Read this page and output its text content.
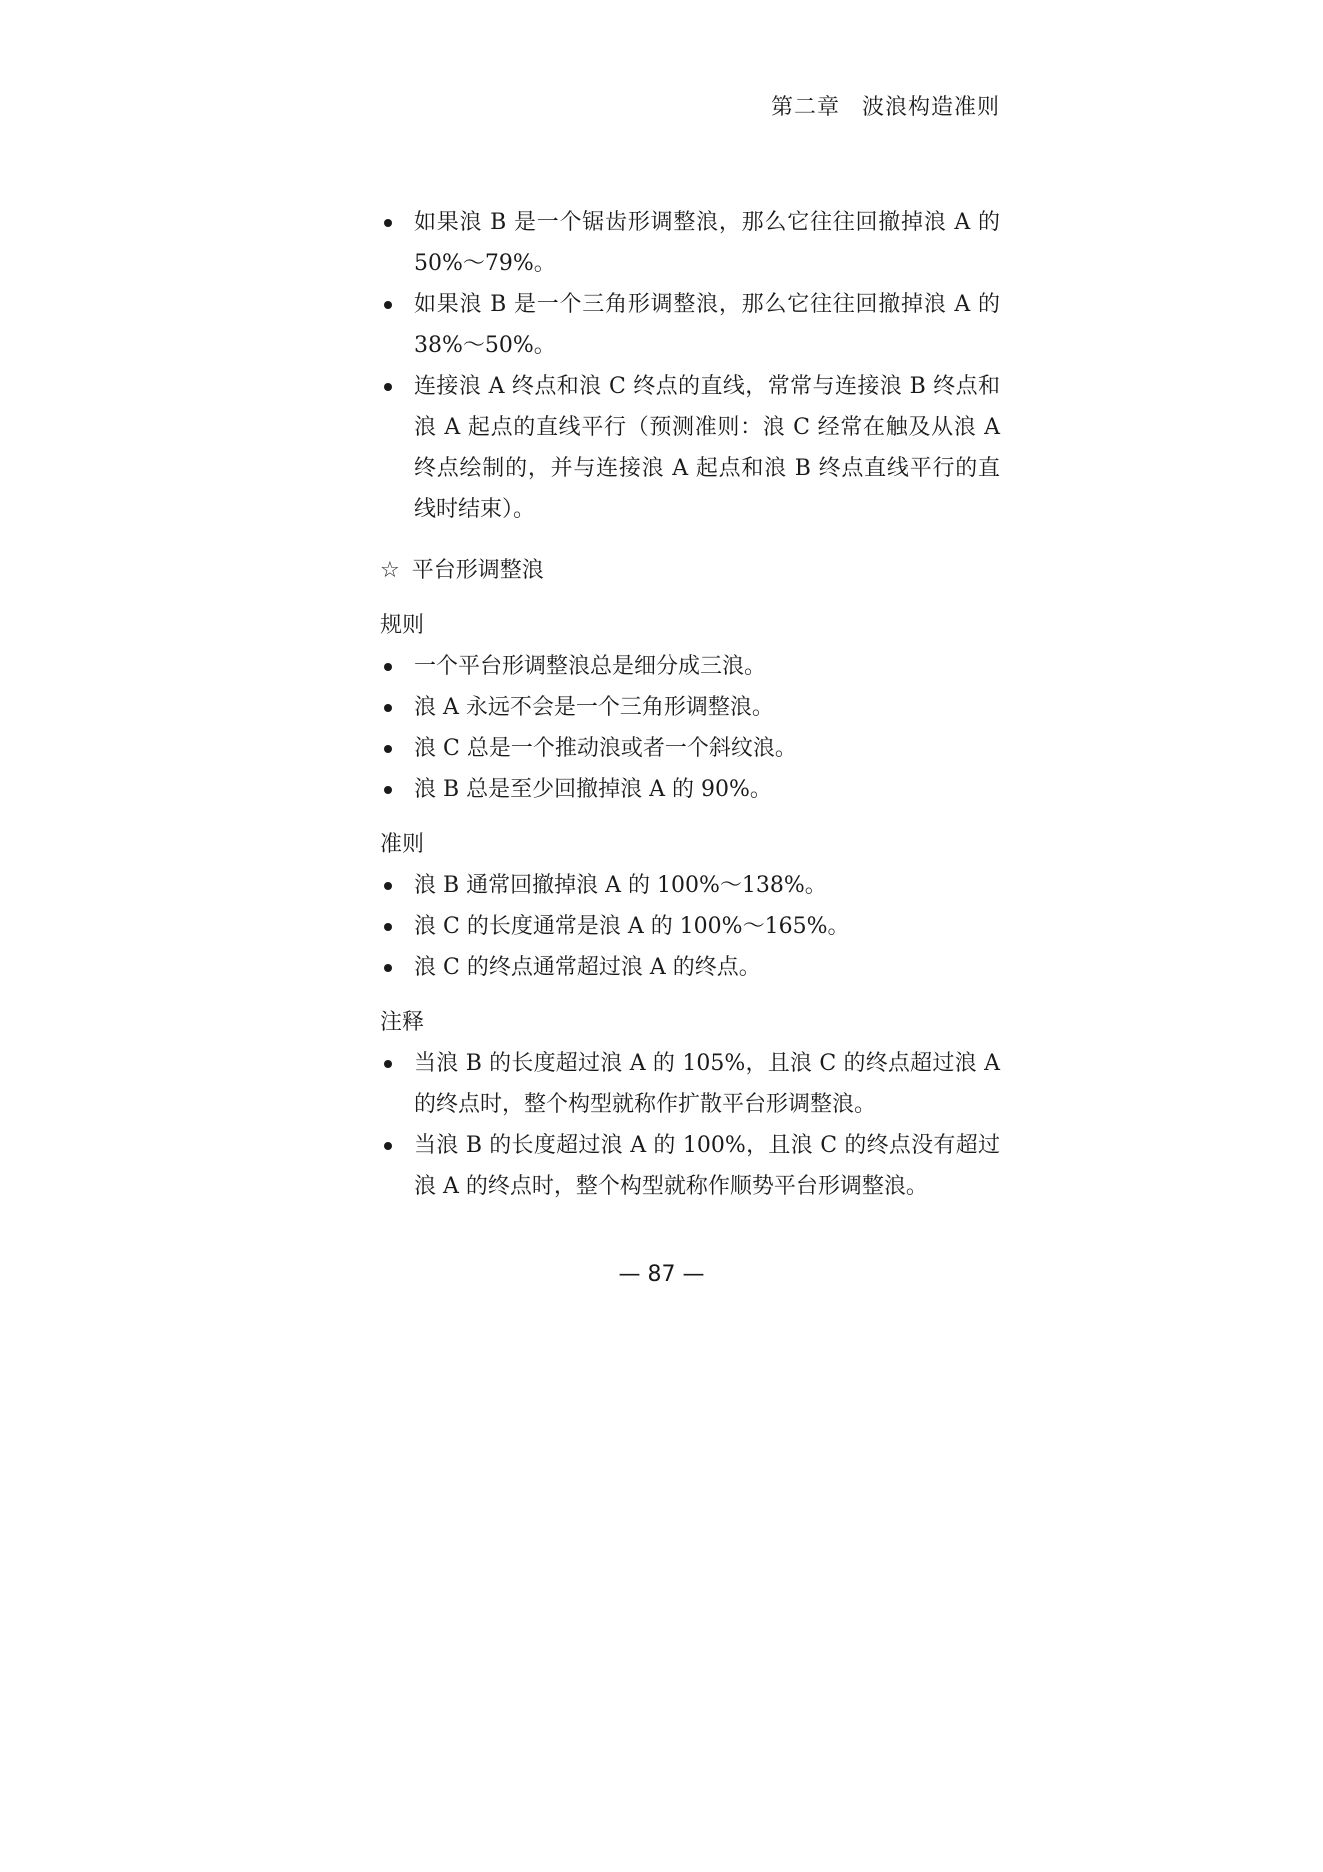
第二章 波浪构造准则
如果浪 B 是一个锯齿形调整浪，那么它往往回撤掉浪 A 的 50%～79%。
如果浪 B 是一个三角形调整浪，那么它往往回撤掉浪 A 的 38%～50%。
连接浪 A 终点和浪 C 终点的直线，常常与连接浪 B 终点和浪 A 起点的直线平行（预测准则：浪 C 经常在触及从浪 A 终点绘制的，并与连接浪 A 起点和浪 B 终点直线平行的直线时结束）。

☆ 平台形调整浪

规则

一个平台形调整浪总是细分成三浪。
浪 A 永远不会是一个三角形调整浪。
浪 C 总是一个推动浪或者一个斜纹浪。
浪 B 总是至少回撤掉浪 A 的 90%。

准则

浪 B 通常回撤掉浪 A 的 100%～138%。
浪 C 的长度通常是浪 A 的 100%～165%。
浪 C 的终点通常超过浪 A 的终点。

注释

当浪 B 的长度超过浪 A 的 105%，且浪 C 的终点超过浪 A 的终点时，整个构型就称作扩散平台形调整浪。
当浪 B 的长度超过浪 A 的 100%，且浪 C 的终点没有超过浪 A 的终点时，整个构型就称作顺势平台形调整浪。
— 87 —
